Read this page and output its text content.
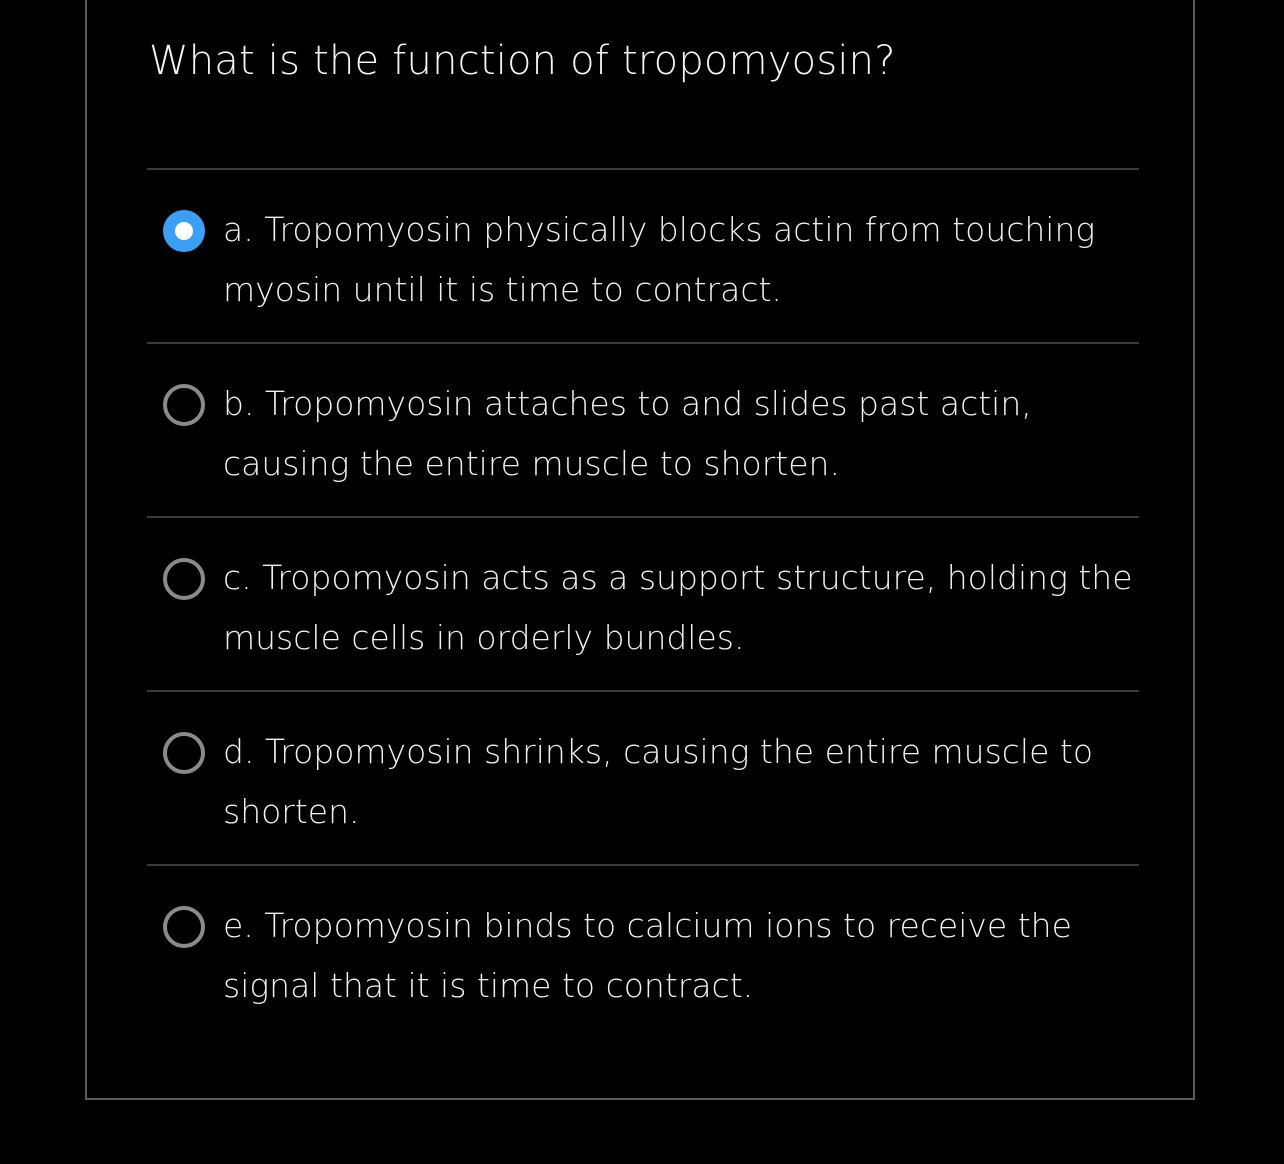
What is the function of tropomyosin?
a. Tropomyosin physically blocks actin from touching myosin until it is time to contract.
b. Tropomyosin attaches to and slides past actin, causing the entire muscle to shorten.
c. Tropomyosin acts as a support structure, holding the muscle cells in orderly bundles.
d. Tropomyosin shrinks, causing the entire muscle to shorten.
e. Tropomyosin binds to calcium ions to receive the signal that it is time to contract.
